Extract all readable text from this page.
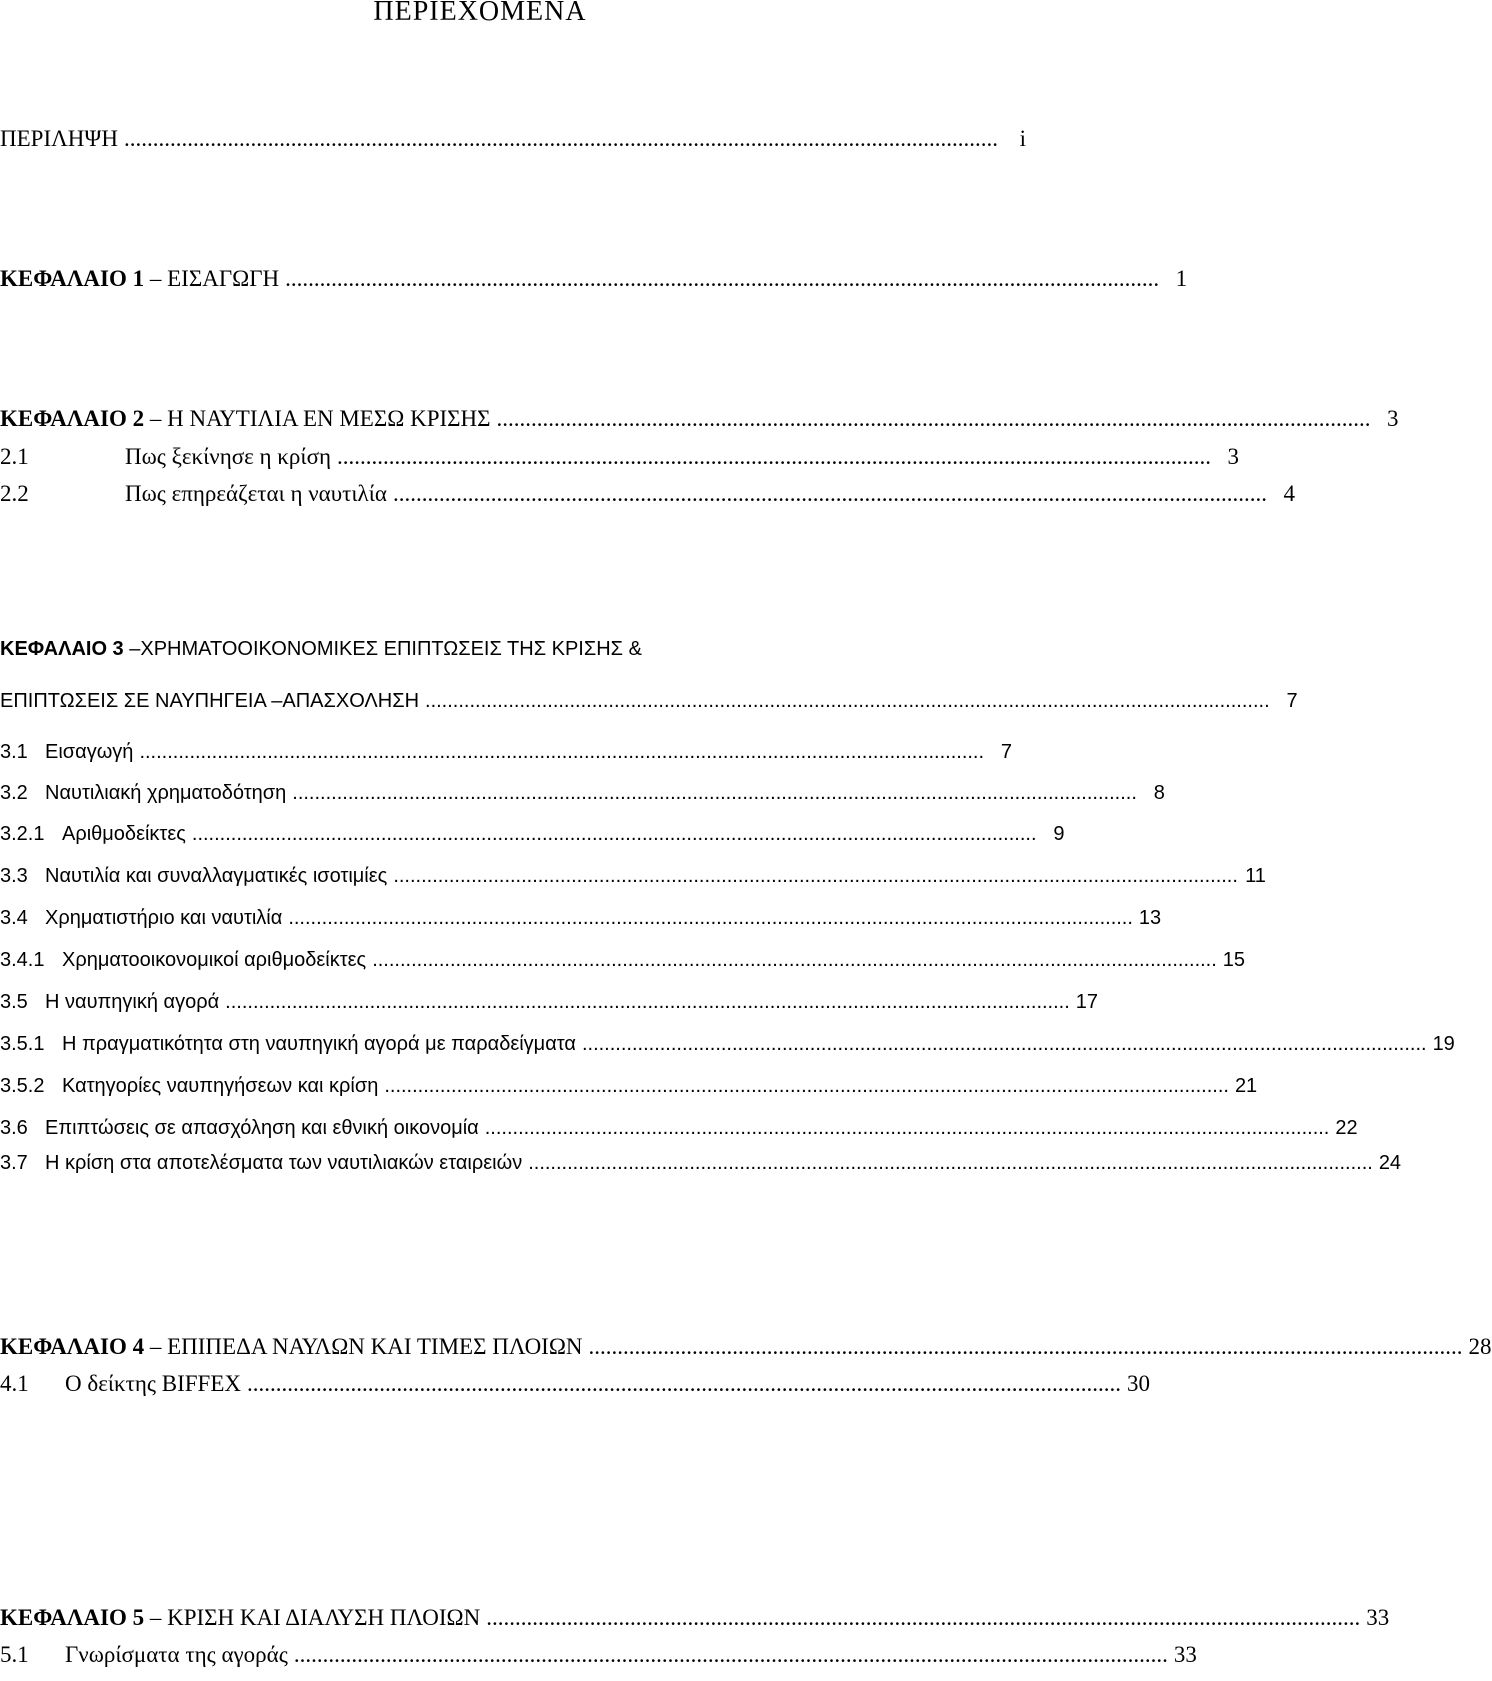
ΠΕΡΙΕΧΟΜΕΝΑ
ΠΕΡΙΛΗΨΗ ........................................................................................................................................................ i
ΚΕΦΑΛΑΙΟ 1 – ΕΙΣΑΓΩΓΗ ........................................................................................................................................................ 1
ΚΕΦΑΛΑΙΟ 2 – Η ΝΑΥΤΙΛΙΑ ΕΝ ΜΕΣΩ ΚΡΙΣΗΣ ........................................................................................................................................................ 3
2.1	Πως ξεκίνησε η κρίση ........................................................................................................................................................ 3
2.2	Πως επηρεάζεται η ναυτιλία ........................................................................................................................................................ 4
ΚΕΦΑΛΑΙΟ 3 –ΧΡΗΜΑΤΟΟΙΚΟΝΟΜΙΚΕΣ ΕΠΙΠΤΩΣΕΙΣ ΤΗΣ ΚΡΙΣΗΣ &
ΕΠΙΠΤΩΣΕΙΣ ΣΕ ΝΑΥΠΗΓΕΙΑ –ΑΠΑΣΧΟΛΗΣΗ ........................................................................................................................................................ 7
3.1 Εισαγωγή ........................................................................................................................................................ 7
3.2 Ναυτιλιακή χρηματοδότηση ........................................................................................................................................................ 8
3.2.1 Αριθμοδείκτες ........................................................................................................................................................ 9
3.3 Ναυτιλία και συναλλαγματικές ισοτιμίες ........................................................................................................................................................ 11
3.4 Χρηματιστήριο και ναυτιλία ........................................................................................................................................................ 13
3.4.1 Χρηματοοικονομικοί αριθμοδείκτες ........................................................................................................................................................ 15
3.5 Η ναυπηγική αγορά ........................................................................................................................................................ 17
3.5.1 Η πραγματικότητα στη ναυπηγική αγορά με παραδείγματα ........................................................................................................................................................ 19
3.5.2 Κατηγορίες ναυπηγήσεων και κρίση ........................................................................................................................................................ 21
3.6 Επιπτώσεις σε απασχόληση και εθνική οικονομία ........................................................................................................................................................ 22
3.7 Η κρίση στα αποτελέσματα των ναυτιλιακών εταιρειών ........................................................................................................................................................ 24
ΚΕΦΑΛΑΙΟ 4 – ΕΠΙΠΕΔΑ ΝΑΥΛΩΝ ΚΑΙ ΤΙΜΕΣ ΠΛΟΙΩΝ ........................................................................................................................................................ 28
4.1	Ο δείκτης BIFFEX ........................................................................................................................................................ 30
ΚΕΦΑΛΑΙΟ 5 – ΚΡΙΣΗ ΚΑΙ ΔΙΑΛΥΣΗ ΠΛΟΙΩΝ ........................................................................................................................................................ 33
5.1	Γνωρίσματα της αγοράς ........................................................................................................................................................ 33
